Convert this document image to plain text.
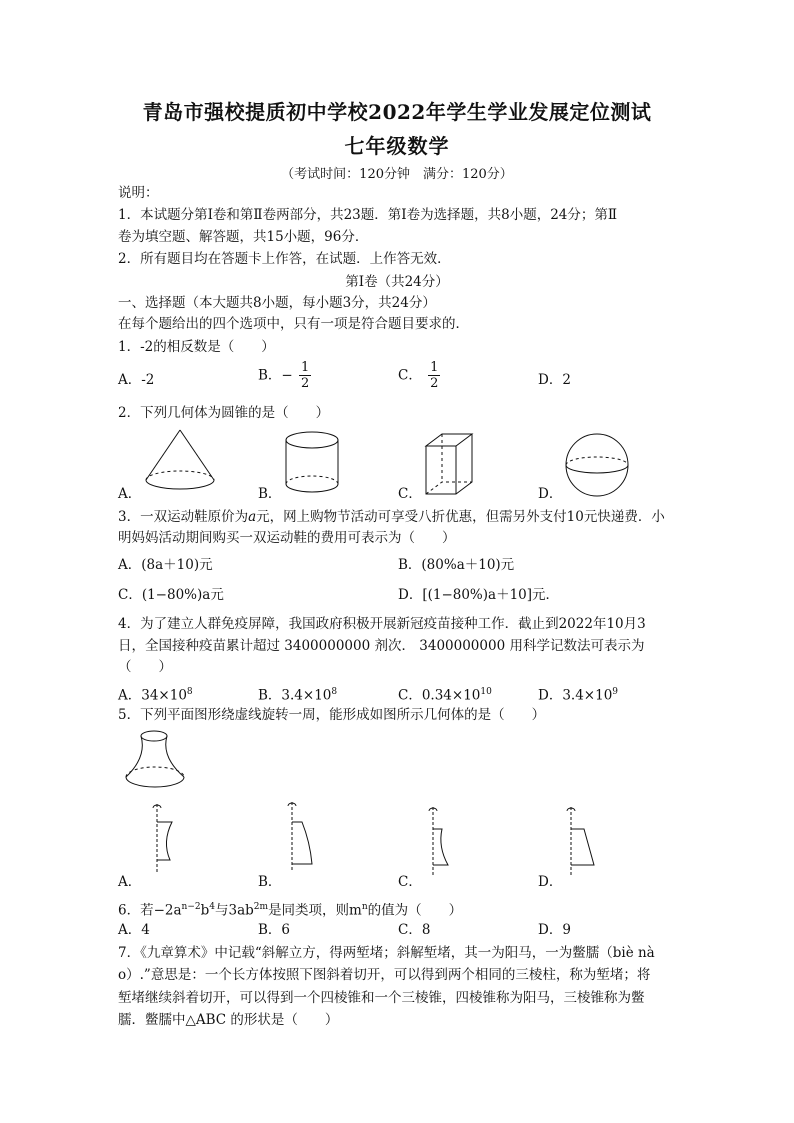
青岛市强校提质初中学校2022年学生学业发展定位测试
七年级数学
（考试时间：120分钟　满分：120分）
说明：
1．本试题分第Ⅰ卷和第Ⅱ卷两部分，共23题．第Ⅰ卷为选择题，共8小题，24分；第Ⅱ
卷为填空题、解答题，共15小题，96分．
2．所有题目均在答题卡上作答，在试题．上作答无效．
第Ⅰ卷（共24分）
一、选择题（本大题共8小题，每小题3分，共24分）
在每个题给出的四个选项中，只有一项是符合题目要求的．
1．-2的相反数是（　　）
A．-2	B．− $\frac{1}{2}$	C． $\frac{1}{2}$	D．2
2．下列几何体为圆锥的是（　　）
A．	B．	C．	D．
3．一双运动鞋原价为a元，网上购物节活动可享受八折优惠，但需另外支付10元快递费．小
明妈妈活动期间购买一双运动鞋的费用可表示为（　　）
A．(8a＋10)元	B．(80%a＋10)元
C．(1−80%)a元	D．[(1−80%)a＋10]元．
4．为了建立人群免疫屏障，我国政府积极开展新冠疫苗接种工作．截止到2022年10月3
日，全国接种疫苗累计超过 3400000000 剂次． 3400000000 用科学记数法可表示为
（　　）
A．$34\times 10^8$	B．$3.4\times 10^8$	C．$0.34\times 10^{10}$	D．$3.4\times 10^9$
5．下列平面图形绕虚线旋转一周，能形成如图所示几何体的是（　　）
A．	B．	C．	D．
6．若$-2a^{n-2}b^4$与$3ab^{2m}$是同类项，则$m^n$的值为（　　）
A．4	B．6	C．8	D．9
7．《九章算术》中记载“斜解立方，得两堑堵；斜解堑堵，其一为阳马，一为鳖臑（biè nà
o）.”意思是：一个长方体按照下图斜着切开，可以得到两个相同的三棱柱，称为堑堵；将
堑堵继续斜着切开，可以得到一个四棱锥和一个三棱锥，四棱锥称为阳马，三棱锥称为鳖
臑．鳖臑中△ABC 的形状是（　　）
